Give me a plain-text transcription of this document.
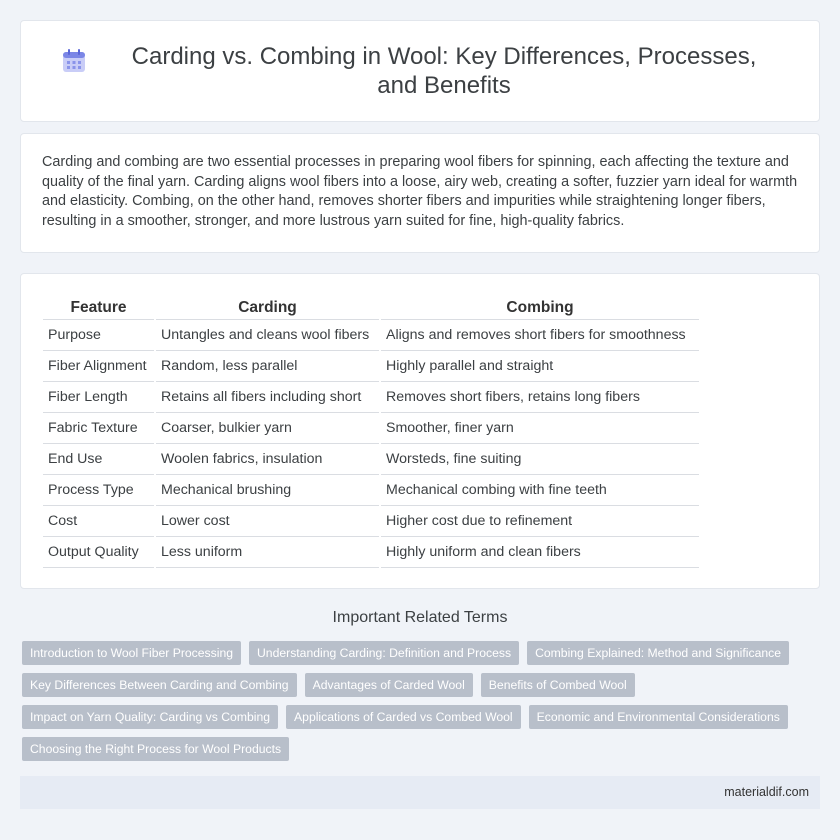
Carding vs. Combing in Wool: Key Differences, Processes, and Benefits

Carding and combing are two essential processes in preparing wool fibers for spinning, each affecting the texture and quality of the final yarn. Carding aligns wool fibers into a loose, airy web, creating a softer, fuzzier yarn ideal for warmth and elasticity. Combing, on the other hand, removes shorter fibers and impurities while straightening longer fibers, resulting in a smoother, stronger, and more lustrous yarn suited for fine, high-quality fabrics.

Feature	Carding	Combing
Purpose	Untangles and cleans wool fibers	Aligns and removes short fibers for smoothness
Fiber Alignment	Random, less parallel	Highly parallel and straight
Fiber Length	Retains all fibers including short	Removes short fibers, retains long fibers
Fabric Texture	Coarser, bulkier yarn	Smoother, finer yarn
End Use	Woolen fabrics, insulation	Worsteds, fine suiting
Process Type	Mechanical brushing	Mechanical combing with fine teeth
Cost	Lower cost	Higher cost due to refinement
Output Quality	Less uniform	Highly uniform and clean fibers
Important Related Terms
Introduction to Wool Fiber Processing	Understanding Carding: Definition and Process	Combing Explained: Method and Significance
Key Differences Between Carding and Combing	Advantages of Carded Wool	Benefits of Combed Wool
Impact on Yarn Quality: Carding vs Combing	Applications of Carded vs Combed Wool	Economic and Environmental Considerations
Choosing the Right Process for Wool Products
materialdif.com
